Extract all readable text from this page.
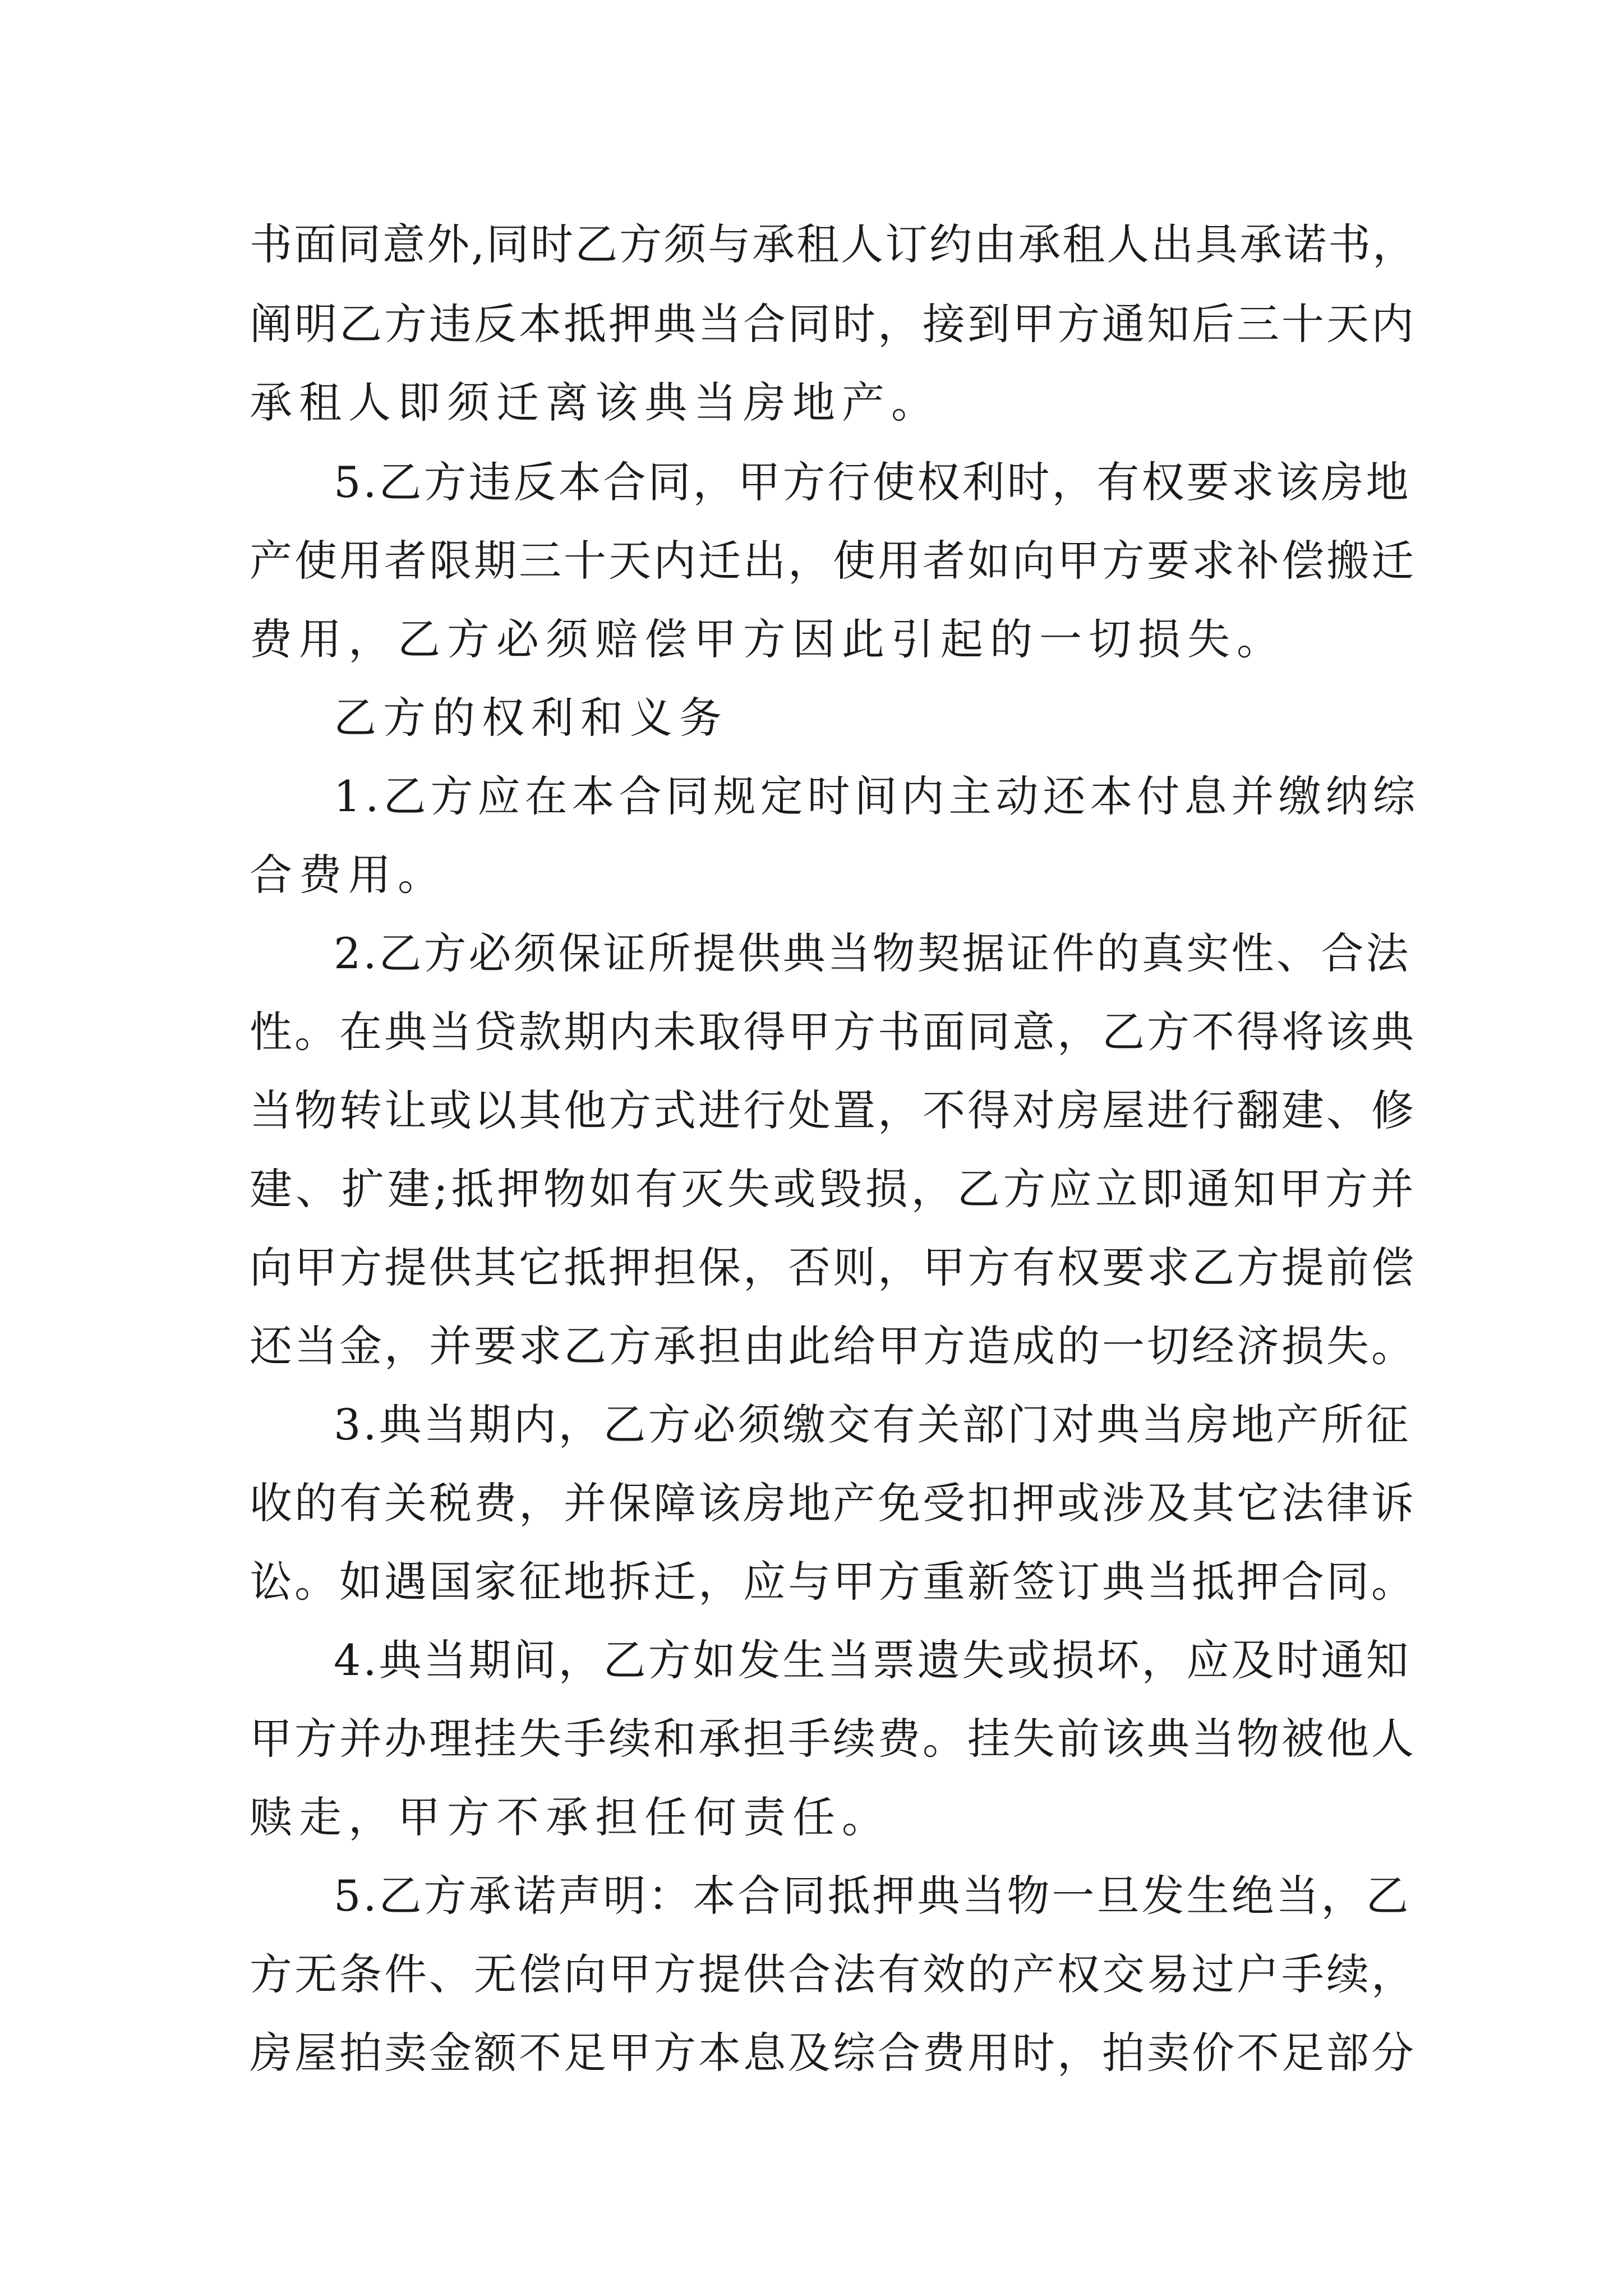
书面同意外,同时乙方须与承租人订约由承租人出具承诺书，
阐明乙方违反本抵押典当合同时，接到甲方通知后三十天内
承租人即须迁离该典当房地产。
5.乙方违反本合同，甲方行使权利时，有权要求该房地
产使用者限期三十天内迁出，使用者如向甲方要求补偿搬迁
费用，乙方必须赔偿甲方因此引起的一切损失。
乙方的权利和义务
1.乙方应在本合同规定时间内主动还本付息并缴纳综
合费用。
2.乙方必须保证所提供典当物契据证件的真实性、合法
性。在典当贷款期内未取得甲方书面同意，乙方不得将该典
当物转让或以其他方式进行处置，不得对房屋进行翻建、修
建、扩建;抵押物如有灭失或毁损，乙方应立即通知甲方并
向甲方提供其它抵押担保，否则，甲方有权要求乙方提前偿
还当金，并要求乙方承担由此给甲方造成的一切经济损失。
3.典当期内，乙方必须缴交有关部门对典当房地产所征
收的有关税费，并保障该房地产免受扣押或涉及其它法律诉
讼。如遇国家征地拆迁，应与甲方重新签订典当抵押合同。
4.典当期间，乙方如发生当票遗失或损坏，应及时通知
甲方并办理挂失手续和承担手续费。挂失前该典当物被他人
赎走，甲方不承担任何责任。
5.乙方承诺声明：本合同抵押典当物一旦发生绝当，乙
方无条件、无偿向甲方提供合法有效的产权交易过户手续，
房屋拍卖金额不足甲方本息及综合费用时，拍卖价不足部分
